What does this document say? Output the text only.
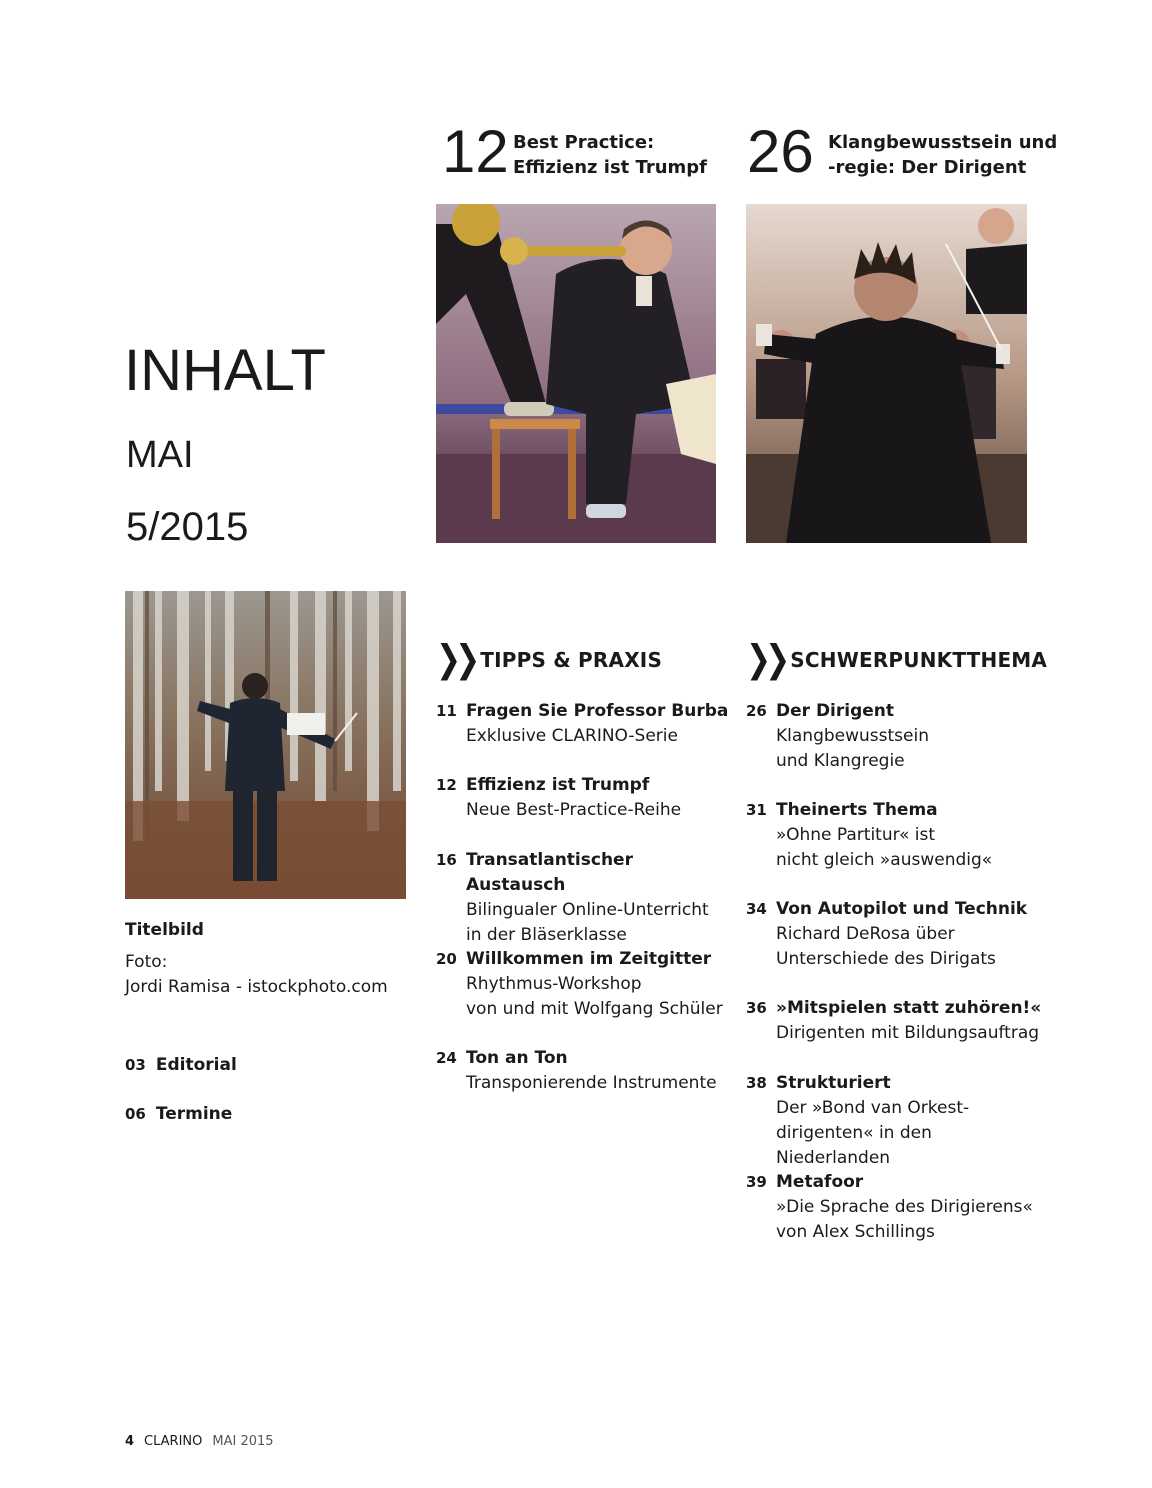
INHALT
MAI
5/2015
12 Best Practice:
Effizienz ist Trumpf 26 Klangbewusstsein und
-regie: Der Dirigent
Titelbild
Foto:
Jordi Ramisa - istockphoto.com
03 Editorial
06 Termine
❯❯ TIPPS & PRAXIS
11 Fragen Sie Professor Burba
Exklusive CLARINO-Serie
12 Effizienz ist Trumpf
Neue Best-Practice-Reihe
16 Transatlantischer Austausch
Bilingualer Online-Unterricht
in der Bläserklasse
20 Willkommen im Zeitgitter
Rhythmus-Workshop
von und mit Wolfgang Schüler
24 Ton an Ton
Transponierende Instrumente
❯❯ SCHWERPUNKTTHEMA
26 Der Dirigent
Klangbewusstsein
und Klangregie
31 Theinerts Thema
»Ohne Partitur« ist
nicht gleich »auswendig«
34 Von Autopilot und Technik
Richard DeRosa über
Unterschiede des Dirigats
36 »Mitspielen statt zuhören!«
Dirigenten mit Bildungsauftrag
38 Strukturiert
Der »Bond van Orkest-
dirigenten« in den Niederlanden
39 Metafoor
»Die Sprache des Dirigierens«
von Alex Schillings
4 CLARINO MAI 2015
